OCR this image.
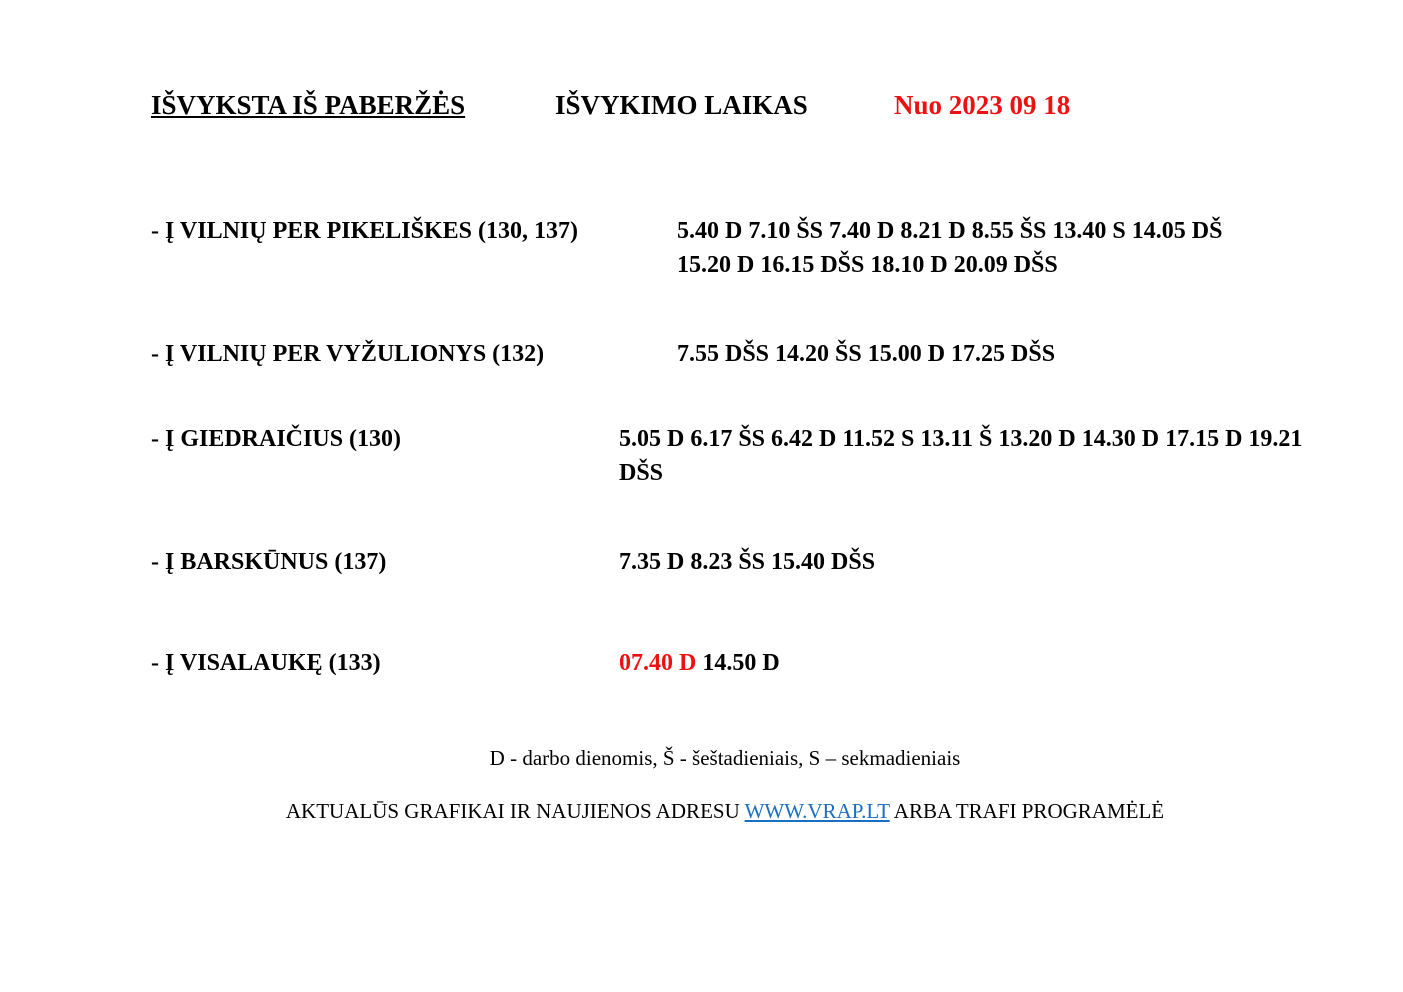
IŠVYKSTA IŠ PABERŽĖS	IŠVYKIMO LAIKAS	Nuo 2023 09 18
- Į VILNIŲ PER PIKELIŠKES (130, 137)	5.40 D 7.10 ŠS 7.40 D 8.21 D 8.55 ŠS 13.40 S 14.05 DŠ 15.20 D 16.15 DŠS 18.10 D 20.09 DŠS
- Į VILNIŲ PER VYŽULIONYS (132)	7.55 DŠS 14.20 ŠS 15.00 D 17.25 DŠS
- Į GIEDRAIČIUS (130)	5.05 D 6.17 ŠS 6.42 D 11.52 S 13.11 Š 13.20 D 14.30 D 17.15 D 19.21 DŠS
- Į BARSKŪNUS (137)	7.35 D 8.23 ŠS 15.40 DŠS
- Į VISALAUKĘ (133)	07.40 D 14.50 D
D - darbo dienomis, Š - šeštadieniais, S – sekmadieniais
AKTUALŪS GRAFIKAI IR NAUJIENOS ADRESU WWW.VRAP.LT ARBA TRAFI PROGRAMĖLĖ
